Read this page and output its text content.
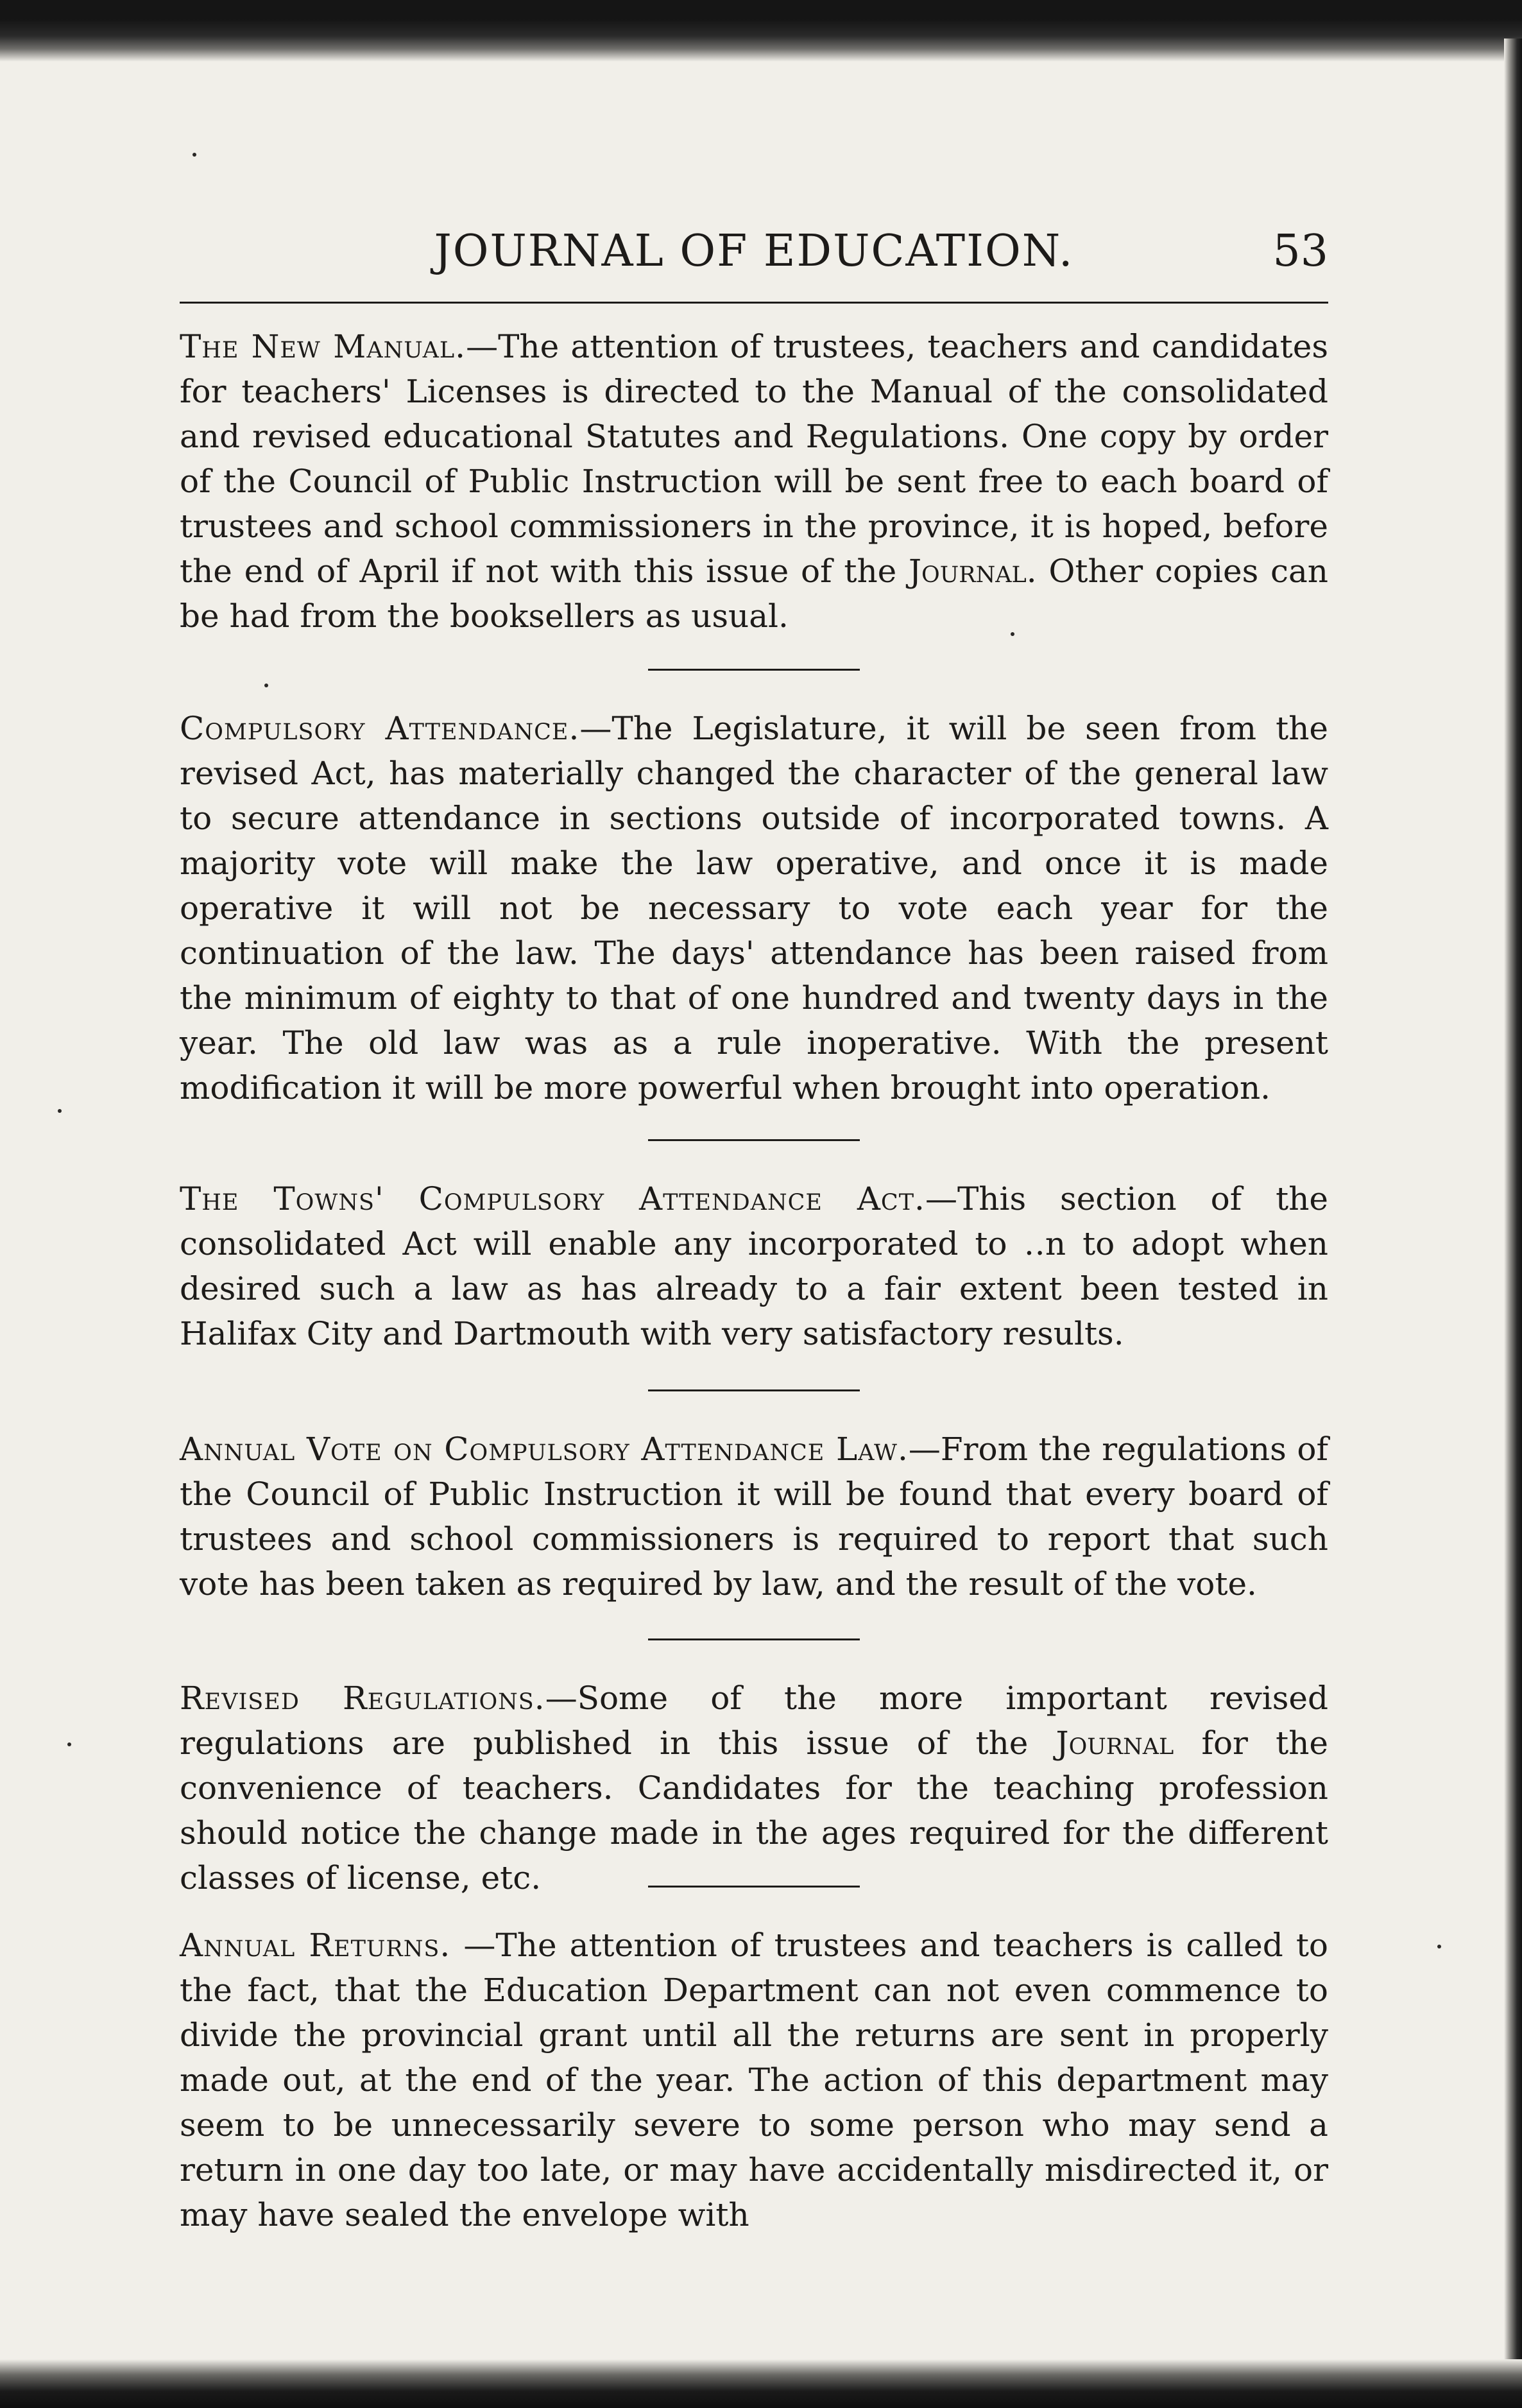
JOURNAL OF EDUCATION.	53

The New Manual.—The attention of trustees, teachers and candidates for teachers' Licenses is directed to the Manual of the consolidated and revised educational Statutes and Regulations. One copy by order of the Council of Public Instruction will be sent free to each board of trustees and school commissioners in the province, it is hoped, before the end of April if not with this issue of the Journal. Other copies can be had from the booksellers as usual.

Compulsory Attendance.—The Legislature, it will be seen from the revised Act, has materially changed the character of the general law to secure attendance in sections outside of incorporated towns. A majority vote will make the law operative, and once it is made operative it will not be necessary to vote each year for the continuation of the law. The days' attendance has been raised from the minimum of eighty to that of one hundred and twenty days in the year. The old law was as a rule inoperative. With the present modification it will be more powerful when brought into operation.

The Towns' Compulsory Attendance Act.—This section of the consolidated Act will enable any incorporated to ‥n to adopt when desired such a law as has already to a fair extent been tested in Halifax City and Dartmouth with very satisfactory results.

Annual Vote on Compulsory Attendance Law.—From the regulations of the Council of Public Instruction it will be found that every board of trustees and school commissioners is required to report that such vote has been taken as required by law, and the result of the vote.

Revised Regulations.—Some of the more important revised regulations are published in this issue of the Journal for the convenience of teachers. Candidates for the teaching profession should notice the change made in the ages required for the different classes of license, etc.

Annual Returns. —The attention of trustees and teachers is called to the fact, that the Education Department can not even commence to divide the provincial grant until all the returns are sent in properly made out, at the end of the year. The action of this department may seem to be unnecessarily severe to some person who may send a return in one day too late, or may have accidentally misdirected it, or may have sealed the envelope with
